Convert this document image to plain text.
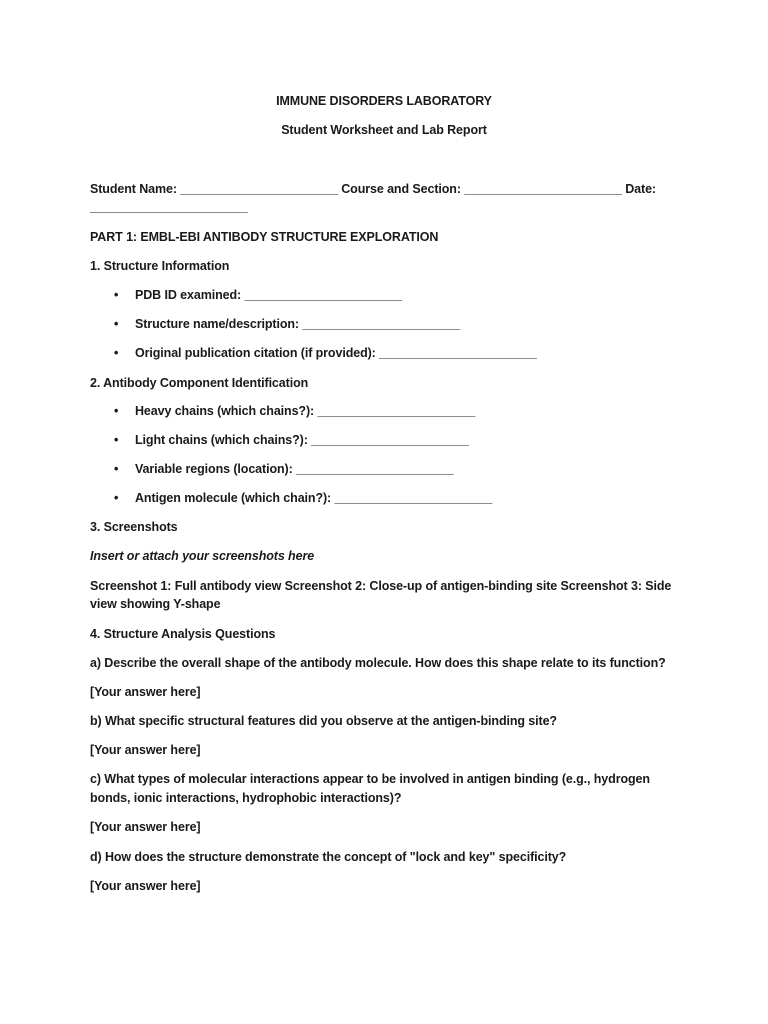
IMMUNE DISORDERS LABORATORY
Student Worksheet and Lab Report
Student Name: _______________________ Course and Section: _______________________ Date:
_______________________
PART 1: EMBL-EBI ANTIBODY STRUCTURE EXPLORATION
1. Structure Information
• PDB ID examined: _______________________
• Structure name/description: _______________________
• Original publication citation (if provided): _______________________
2. Antibody Component Identification
• Heavy chains (which chains?): _______________________
• Light chains (which chains?): _______________________
• Variable regions (location): _______________________
• Antigen molecule (which chain?): _______________________
3. Screenshots
Insert or attach your screenshots here
Screenshot 1: Full antibody view Screenshot 2: Close-up of antigen-binding site Screenshot 3: Side
view showing Y-shape
4. Structure Analysis Questions
a) Describe the overall shape of the antibody molecule. How does this shape relate to its function?
[Your answer here]
b) What specific structural features did you observe at the antigen-binding site?
[Your answer here]
c) What types of molecular interactions appear to be involved in antigen binding (e.g., hydrogen
bonds, ionic interactions, hydrophobic interactions)?
[Your answer here]
d) How does the structure demonstrate the concept of "lock and key" specificity?
[Your answer here]
